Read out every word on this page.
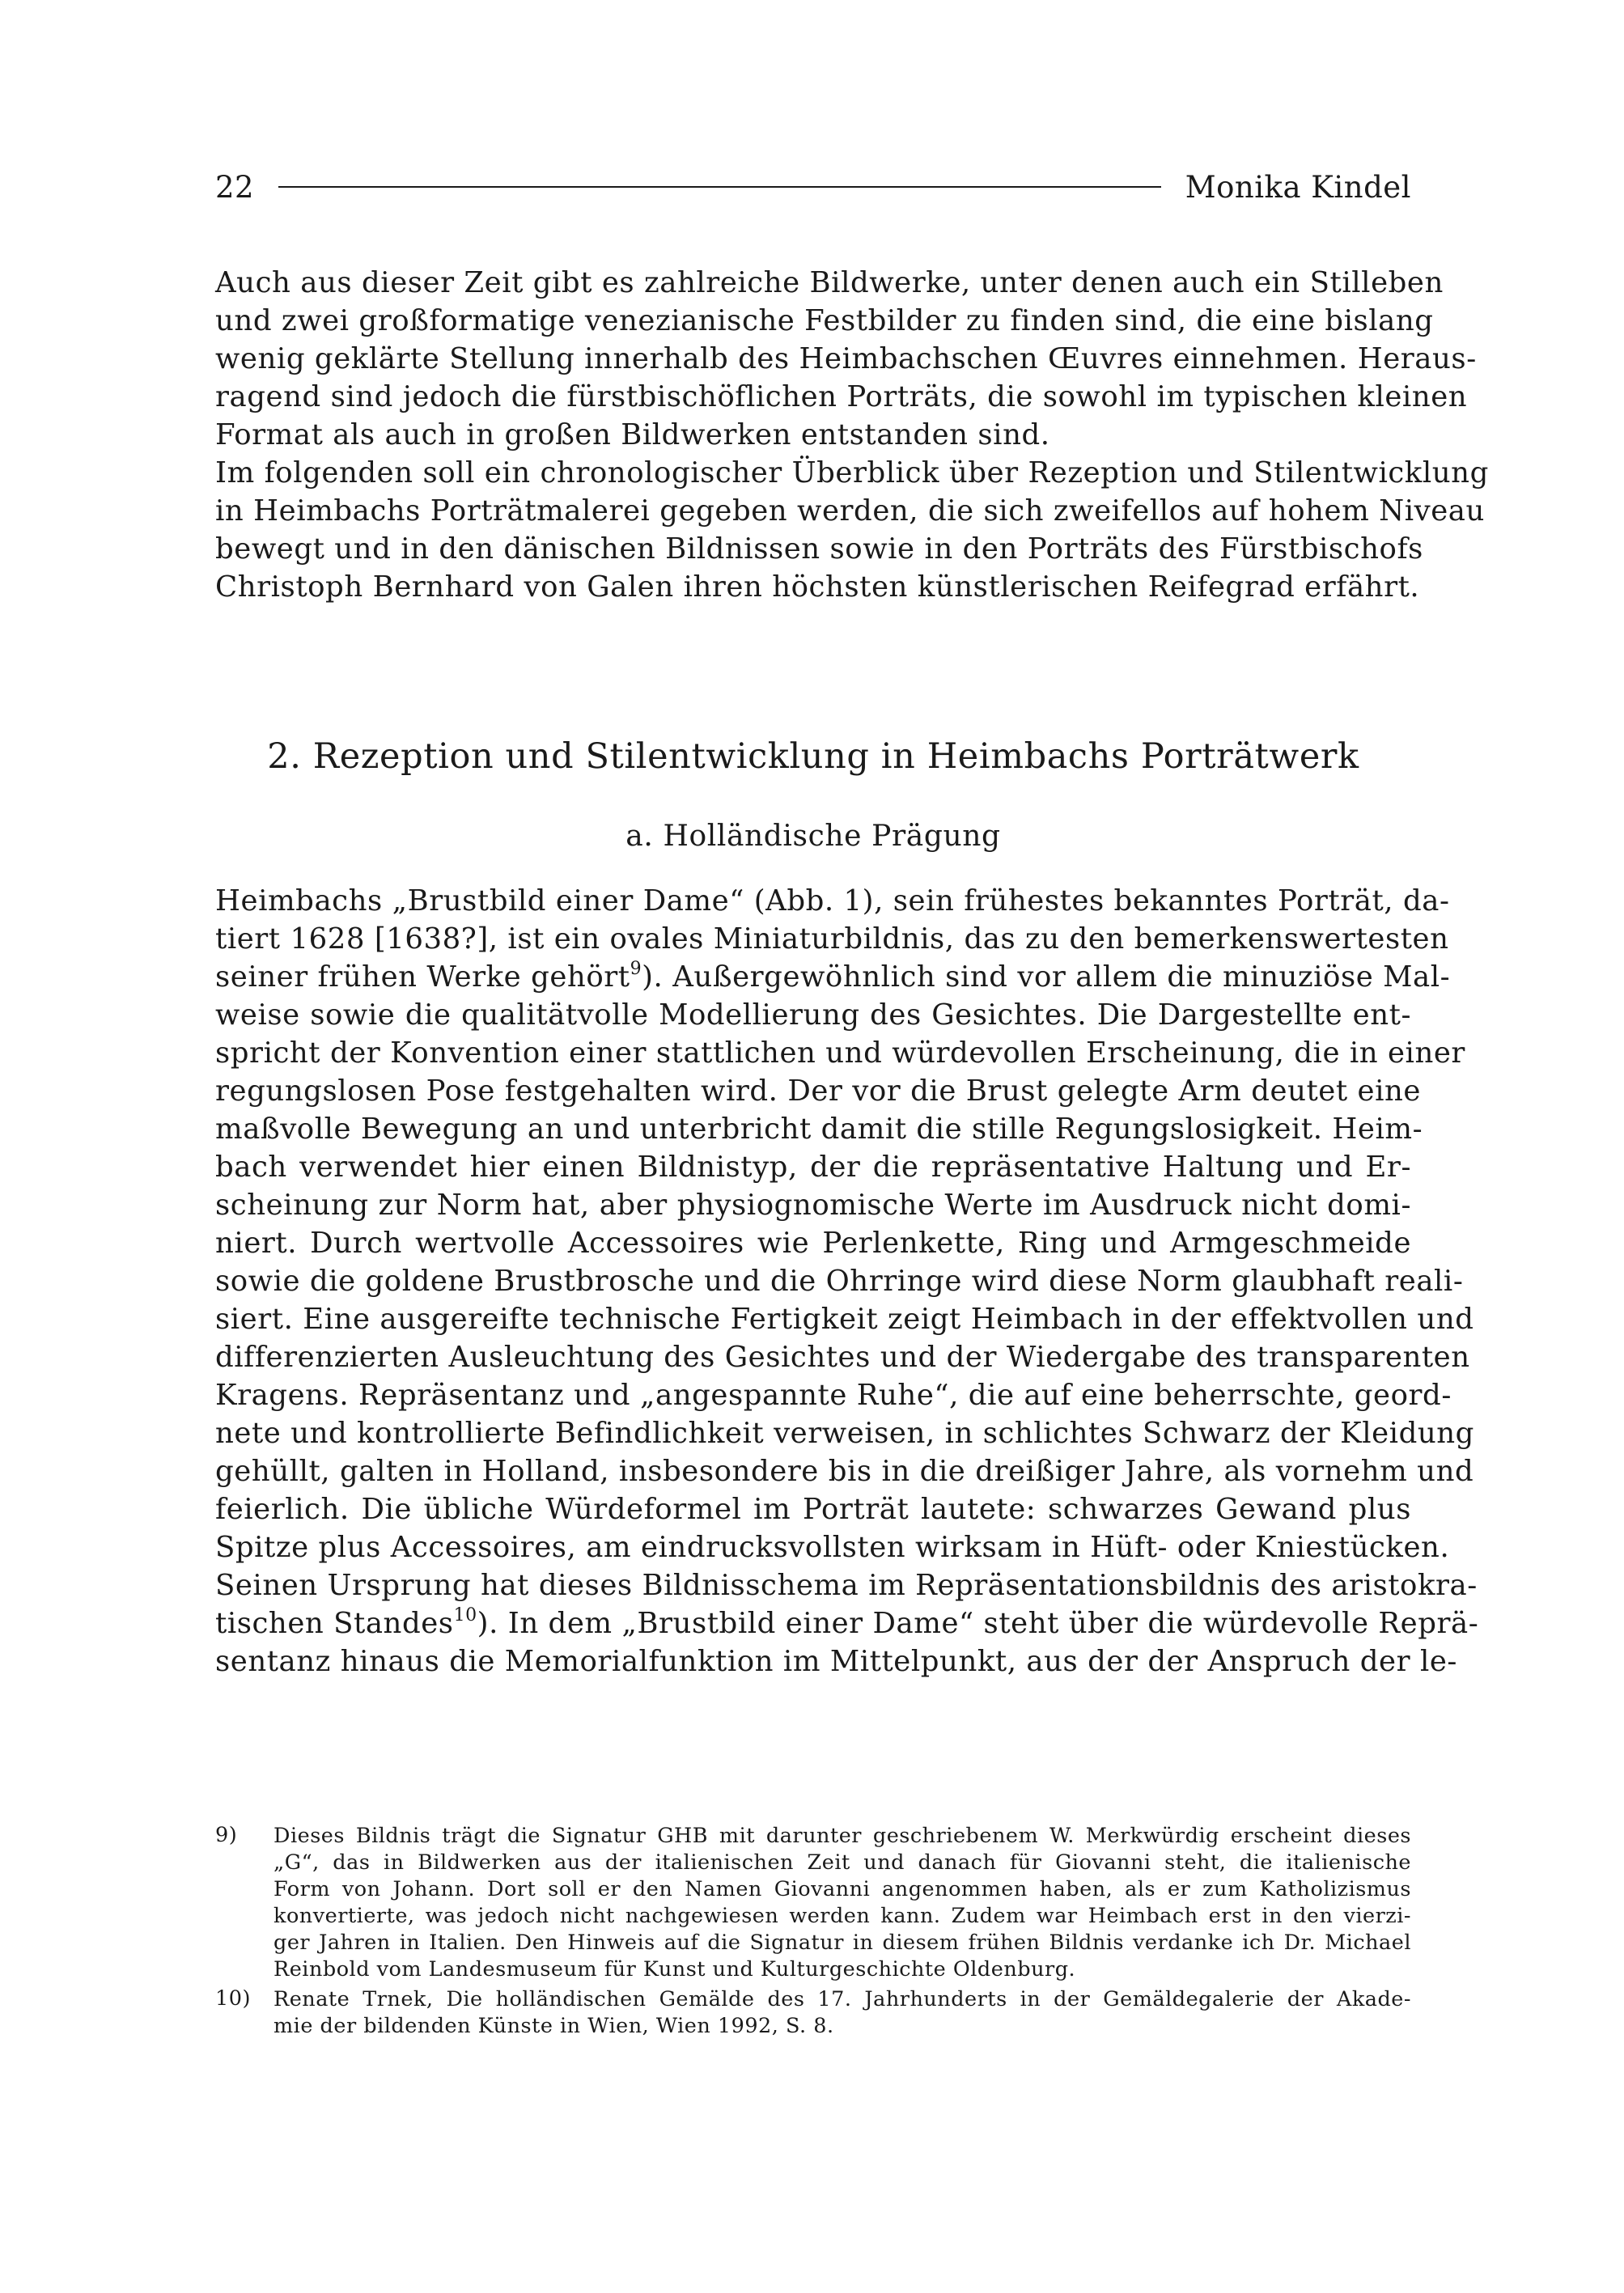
22	Monika Kindel
Auch aus dieser Zeit gibt es zahlreiche Bildwerke, unter denen auch ein Stilleben
und zwei großformatige venezianische Festbilder zu finden sind, die eine bislang
wenig geklärte Stellung innerhalb des Heimbachschen Œuvres einnehmen. Heraus-
ragend sind jedoch die fürstbischöflichen Porträts, die sowohl im typischen kleinen
Format als auch in großen Bildwerken entstanden sind.
Im folgenden soll ein chronologischer Überblick über Rezeption und Stilentwicklung
in Heimbachs Porträtmalerei gegeben werden, die sich zweifellos auf hohem Niveau
bewegt und in den dänischen Bildnissen sowie in den Porträts des Fürstbischofs
Christoph Bernhard von Galen ihren höchsten künstlerischen Reifegrad erfährt.
2. Rezeption und Stilentwicklung in Heimbachs Porträtwerk
a. Holländische Prägung
Heimbachs „Brustbild einer Dame“ (Abb. 1), sein frühestes bekanntes Porträt, da-
tiert 1628 [1638?], ist ein ovales Miniaturbildnis, das zu den bemerkenswertesten
seiner frühen Werke gehört$^9$). Außergewöhnlich sind vor allem die minuziöse Mal-
weise sowie die qualitätvolle Modellierung des Gesichtes. Die Dargestellte ent-
spricht der Konvention einer stattlichen und würdevollen Erscheinung, die in einer
regungslosen Pose festgehalten wird. Der vor die Brust gelegte Arm deutet eine
maßvolle Bewegung an und unterbricht damit die stille Regungslosigkeit. Heim-
bach verwendet hier einen Bildnistyp, der die repräsentative Haltung und Er-
scheinung zur Norm hat, aber physiognomische Werte im Ausdruck nicht domi-
niert. Durch wertvolle Accessoires wie Perlenkette, Ring und Armgeschmeide
sowie die goldene Brustbrosche und die Ohrringe wird diese Norm glaubhaft reali-
siert. Eine ausgereifte technische Fertigkeit zeigt Heimbach in der effektvollen und
differenzierten Ausleuchtung des Gesichtes und der Wiedergabe des transparenten
Kragens. Repräsentanz und „angespannte Ruhe“, die auf eine beherrschte, geord-
nete und kontrollierte Befindlichkeit verweisen, in schlichtes Schwarz der Kleidung
gehüllt, galten in Holland, insbesondere bis in die dreißiger Jahre, als vornehm und
feierlich. Die übliche Würdeformel im Porträt lautete: schwarzes Gewand plus
Spitze plus Accessoires, am eindrucksvollsten wirksam in Hüft- oder Kniestücken.
Seinen Ursprung hat dieses Bildnisschema im Repräsentationsbildnis des aristokra-
tischen Standes$^{10}$). In dem „Brustbild einer Dame“ steht über die würdevolle Reprä-
sentanz hinaus die Memorialfunktion im Mittelpunkt, aus der der Anspruch der le-
9)	Dieses Bildnis trägt die Signatur GHB mit darunter geschriebenem W. Merkwürdig erscheint dieses
„G“, das in Bildwerken aus der italienischen Zeit und danach für Giovanni steht, die italienische
Form von Johann. Dort soll er den Namen Giovanni angenommen haben, als er zum Katholizismus
konvertierte, was jedoch nicht nachgewiesen werden kann. Zudem war Heimbach erst in den vierzi-
ger Jahren in Italien. Den Hinweis auf die Signatur in diesem frühen Bildnis verdanke ich Dr. Michael
Reinbold vom Landesmuseum für Kunst und Kulturgeschichte Oldenburg.
10)	Renate Trnek, Die holländischen Gemälde des 17. Jahrhunderts in der Gemäldegalerie der Akade-
mie der bildenden Künste in Wien, Wien 1992, S. 8.
